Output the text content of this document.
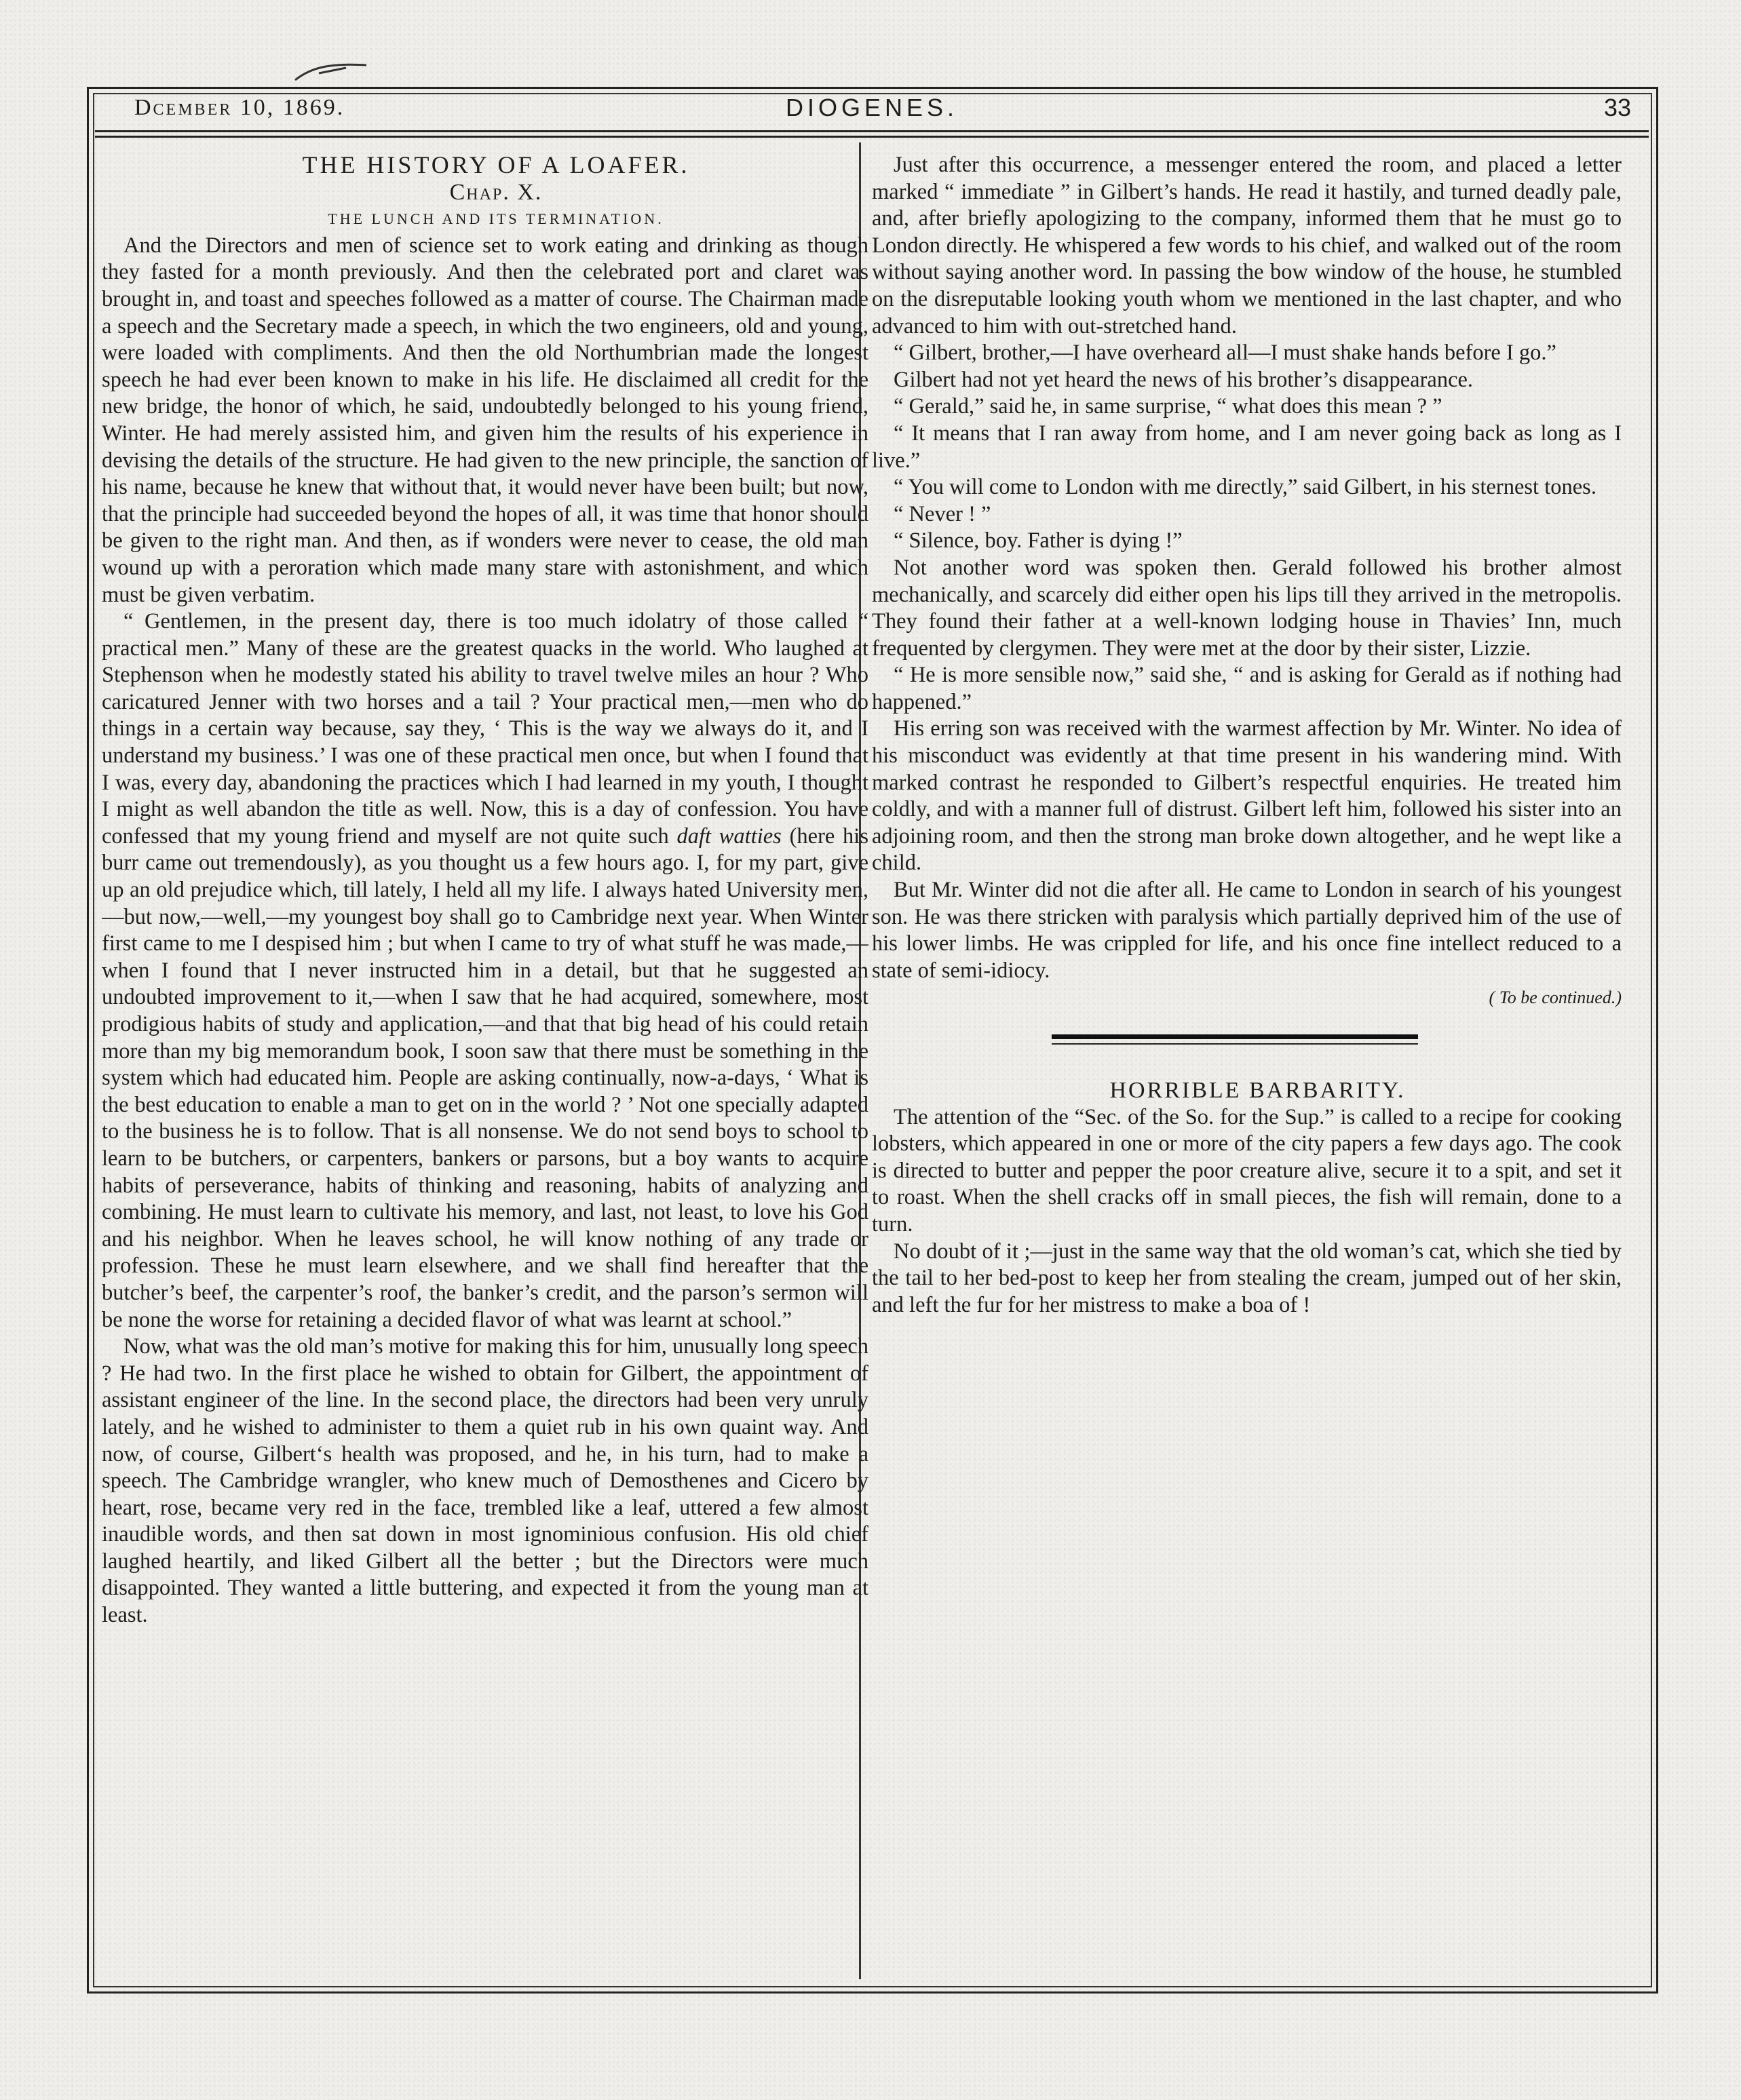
Dcember 10, 1869.	DIOGENES.	33

THE HISTORY OF A LOAFER.

Chap. X.

THE LUNCH AND ITS TERMINATION.

And the Directors and men of science set to work eating and drinking as though they fasted for a month previously. And then the celebrated port and claret was brought in, and toast and speeches followed as a matter of course. The Chairman made a speech and the Secretary made a speech, in which the two engineers, old and young, were loaded with compliments. And then the old Northumbrian made the longest speech he had ever been known to make in his life. He disclaimed all credit for the new bridge, the honor of which, he said, undoubtedly belonged to his young friend, Winter. He had merely assisted him, and given him the results of his experience in devising the details of the structure. He had given to the new principle, the sanction of his name, because he knew that without that, it would never have been built; but now, that the principle had succeeded beyond the hopes of all, it was time that honor should be given to the right man. And then, as if wonders were never to cease, the old man wound up with a peroration which made many stare with astonishment, and which must be given verbatim.

“ Gentlemen, in the present day, there is too much idolatry of those called “ practical men.” Many of these are the greatest quacks in the world. Who laughed at Stephenson when he modestly stated his ability to travel twelve miles an hour ? Who caricatured Jenner with two horses and a tail ? Your practical men,—men who do things in a certain way because, say they, ‘ This is the way we always do it, and I understand my business.’ I was one of these practical men once, but when I found that I was, every day, abandoning the practices which I had learned in my youth, I thought I might as well abandon the title as well. Now, this is a day of confession. You have confessed that my young friend and myself are not quite such daft watties (here his burr came out tremendously), as you thought us a few hours ago. I, for my part, give up an old prejudice which, till lately, I held all my life. I always hated University men,—but now,—well,—my youngest boy shall go to Cambridge next year. When Winter first came to me I despised him ; but when I came to try of what stuff he was made,—when I found that I never instructed him in a detail, but that he suggested an undoubted improvement to it,—when I saw that he had acquired, somewhere, most prodigious habits of study and application,—and that that big head of his could retain more than my big memorandum book, I soon saw that there must be something in the system which had educated him. People are asking continually, now-a-days, ‘ What is the best education to enable a man to get on in the world ? ’ Not one specially adapted to the business he is to follow. That is all nonsense. We do not send boys to school to learn to be butchers, or carpenters, bankers or parsons, but a boy wants to acquire habits of perseverance, habits of thinking and reasoning, habits of analyzing and combining. He must learn to cultivate his memory, and last, not least, to love his God and his neighbor. When he leaves school, he will know nothing of any trade or profession. These he must learn elsewhere, and we shall find hereafter that the butcher’s beef, the carpenter’s roof, the banker’s credit, and the parson’s sermon will be none the worse for retaining a decided flavor of what was learnt at school.”

Now, what was the old man’s motive for making this for him, unusually long speech ? He had two. In the first place he wished to obtain for Gilbert, the appointment of assistant engineer of the line. In the second place, the directors had been very unruly lately, and he wished to administer to them a quiet rub in his own quaint way. And now, of course, Gilbert‘s health was proposed, and he, in his turn, had to make a speech. The Cambridge wrangler, who knew much of Demosthenes and Cicero by heart, rose, became very red in the face, trembled like a leaf, uttered a few almost inaudible words, and then sat down in most ignominious confusion. His old chief laughed heartily, and liked Gilbert all the better ; but the Directors were much disappointed. They wanted a little buttering, and expected it from the young man at least.

Just after this occurrence, a messenger entered the room, and placed a letter marked “ immediate ” in Gilbert’s hands. He read it hastily, and turned deadly pale, and, after briefly apologizing to the company, informed them that he must go to London directly. He whispered a few words to his chief, and walked out of the room without saying another word. In passing the bow window of the house, he stumbled on the disreputable looking youth whom we mentioned in the last chapter, and who advanced to him with out-stretched hand.

“ Gilbert, brother,—I have overheard all—I must shake hands before I go.”

Gilbert had not yet heard the news of his brother’s disappearance.

“ Gerald,” said he, in same surprise, “ what does this mean ? ”

“ It means that I ran away from home, and I am never going back as long as I live.”

“ You will come to London with me directly,” said Gilbert, in his sternest tones.

“ Never ! ”

“ Silence, boy. Father is dying !”

Not another word was spoken then. Gerald followed his brother almost mechanically, and scarcely did either open his lips till they arrived in the metropolis. They found their father at a well-known lodging house in Thavies’ Inn, much frequented by clergymen. They were met at the door by their sister, Lizzie.

“ He is more sensible now,” said she, “ and is asking for Gerald as if nothing had happened.”

His erring son was received with the warmest affection by Mr. Winter. No idea of his misconduct was evidently at that time present in his wandering mind. With marked contrast he responded to Gilbert’s respectful enquiries. He treated him coldly, and with a manner full of distrust. Gilbert left him, followed his sister into an adjoining room, and then the strong man broke down altogether, and he wept like a child.

But Mr. Winter did not die after all. He came to London in search of his youngest son. He was there stricken with paralysis which partially deprived him of the use of his lower limbs. He was crippled for life, and his once fine intellect reduced to a state of semi-idiocy.

( To be continued.)

HORRIBLE BARBARITY.

The attention of the “Sec. of the So. for the Sup.” is called to a recipe for cooking lobsters, which appeared in one or more of the city papers a few days ago. The cook is directed to butter and pepper the poor creature alive, secure it to a spit, and set it to roast. When the shell cracks off in small pieces, the fish will remain, done to a turn.

No doubt of it ;—just in the same way that the old woman’s cat, which she tied by the tail to her bed-post to keep her from stealing the cream, jumped out of her skin, and left the fur for her mistress to make a boa of !
